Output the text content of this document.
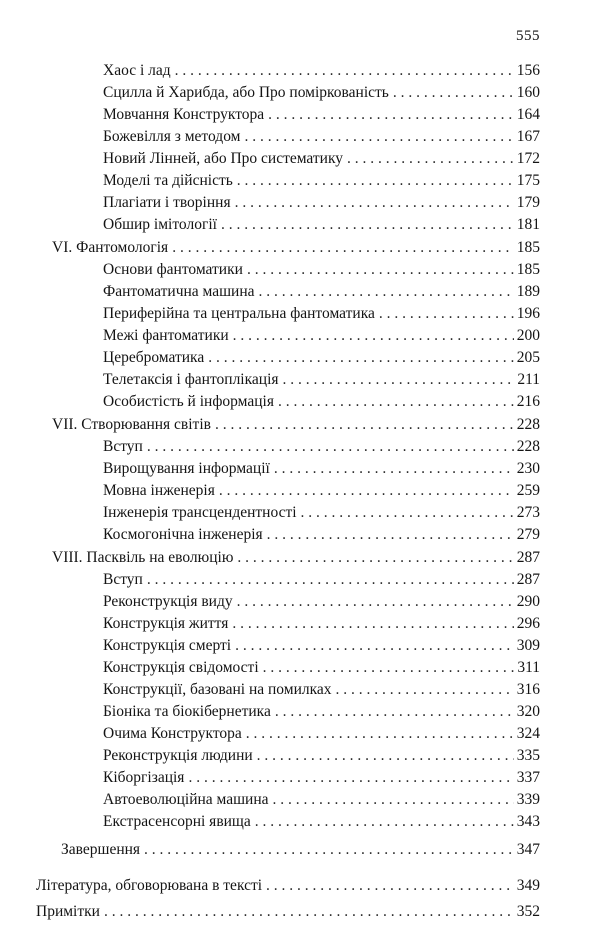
555
Хаос і лад . . .	156
Сцилла й Харибда, або Про поміркованість . . .	160
Мовчання Конструктора . . .	164
Божевілля з методом . . .	167
Новий Лінней, або Про систематику . . .	172
Моделі та дійсність . . .	175
Плагіати і творіння . . .	179
Обшир імітології . . .	181
VI. Фантомологія . . .	185
Основи фантоматики . . .	185
Фантоматична машина . . .	189
Периферійна та центральна фантоматика . . .	196
Межі фантоматики . . .	200
Цереброматика . . .	205
Телетаксія і фантоплікація . . .	211
Особистість й інформація . . .	216
VII. Створювання світів . . .	228
Вступ . . .	228
Вирощування інформації . . .	230
Мовна інженерія . . .	259
Інженерія трансцендентності . . .	273
Космогонічна інженерія . . .	279
VIII. Пасквіль на еволюцію . . .	287
Вступ . . .	287
Реконструкція виду . . .	290
Конструкція життя . . .	296
Конструкція смерті . . .	309
Конструкція свідомості . . .	311
Конструкції, базовані на помилках . . .	316
Біоніка та біокібернетика . . .	320
Очима Конструктора . . .	324
Реконструкція людини . . .	335
Кіборгізація . . .	337
Автоеволюційна машина . . .	339
Екстрасенсорні явища . . .	343
Завершення . . .	347
Література, обговорювана в тексті . . .	349
Примітки . . .	352
